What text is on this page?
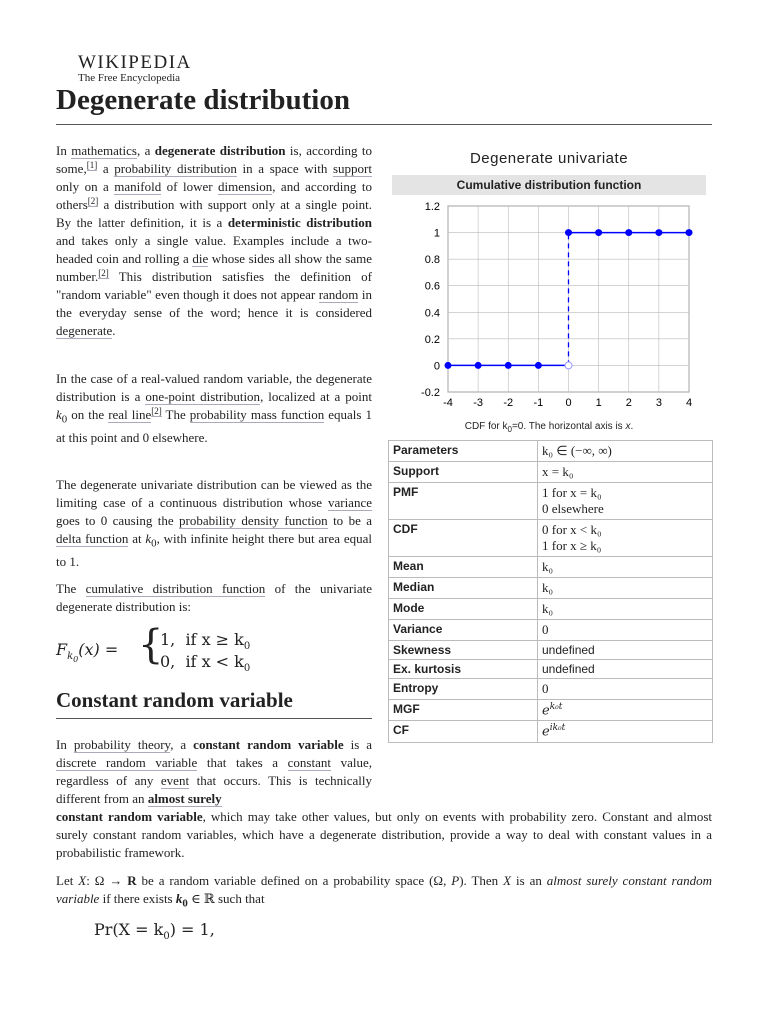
WIKIPEDIA
The Free Encyclopedia
Degenerate distribution
In mathematics, a degenerate distribution is, according to some,[1] a probability distribution in a space with support only on a manifold of lower dimension, and according to others[2] a distribution with support only at a single point. By the latter definition, it is a deterministic distribution and takes only a single value. Examples include a two-headed coin and rolling a die whose sides all show the same number.[2] This distribution satisfies the definition of "random variable" even though it does not appear random in the everyday sense of the word; hence it is considered degenerate.
In the case of a real-valued random variable, the degenerate distribution is a one-point distribution, localized at a point $k_0$ on the real line[2] The probability mass function equals 1 at this point and 0 elsewhere.
The degenerate univariate distribution can be viewed as the limiting case of a continuous distribution whose variance goes to 0 causing the probability density function to be a delta function at $k_0$, with infinite height there but area equal to 1.
The cumulative distribution function of the univariate degenerate distribution is:
$F_{k_0}(x)$ = {
1, if $x \ge k_0$
0, if $x < k_0$
Constant random variable
In probability theory, a constant random variable is a discrete random variable that takes a constant value, regardless of any event that occurs. This is technically different from an almost surely
constant random variable, which may take other values, but only on events with probability zero. Constant and almost surely constant random variables, which have a degenerate distribution, provide a way to deal with constant values in a probabilistic framework.
Let X: Ω → R be a random variable defined on a probability space (Ω, P). Then X is an almost surely constant random variable if there exists $k_0$ ∈ ℝ such that
$Pr(X = k_0) = 1$,
Degenerate univariate
Cumulative distribution function
-4 -3 -2 -1 0 1 2 3 4
1.2
1
0.8
0.6
0.4
0.2
0
-0.2
CDF for $k_0=0$. The horizontal axis is x.
Parameters	k₀ ∈ (−∞, ∞)

Support	x = k₀

PMF	1 for x = k₀
0 elsewhere

CDF	0 for x < k₀
1 for x ≥ k₀

Mean	k₀

Median	k₀

Mode	k₀

Variance	0

Skewness	undefined

Ex. kurtosis	undefined

Entropy	0

MGF	$e^{k_0t}$

CF	$e^{ik_0t}$
